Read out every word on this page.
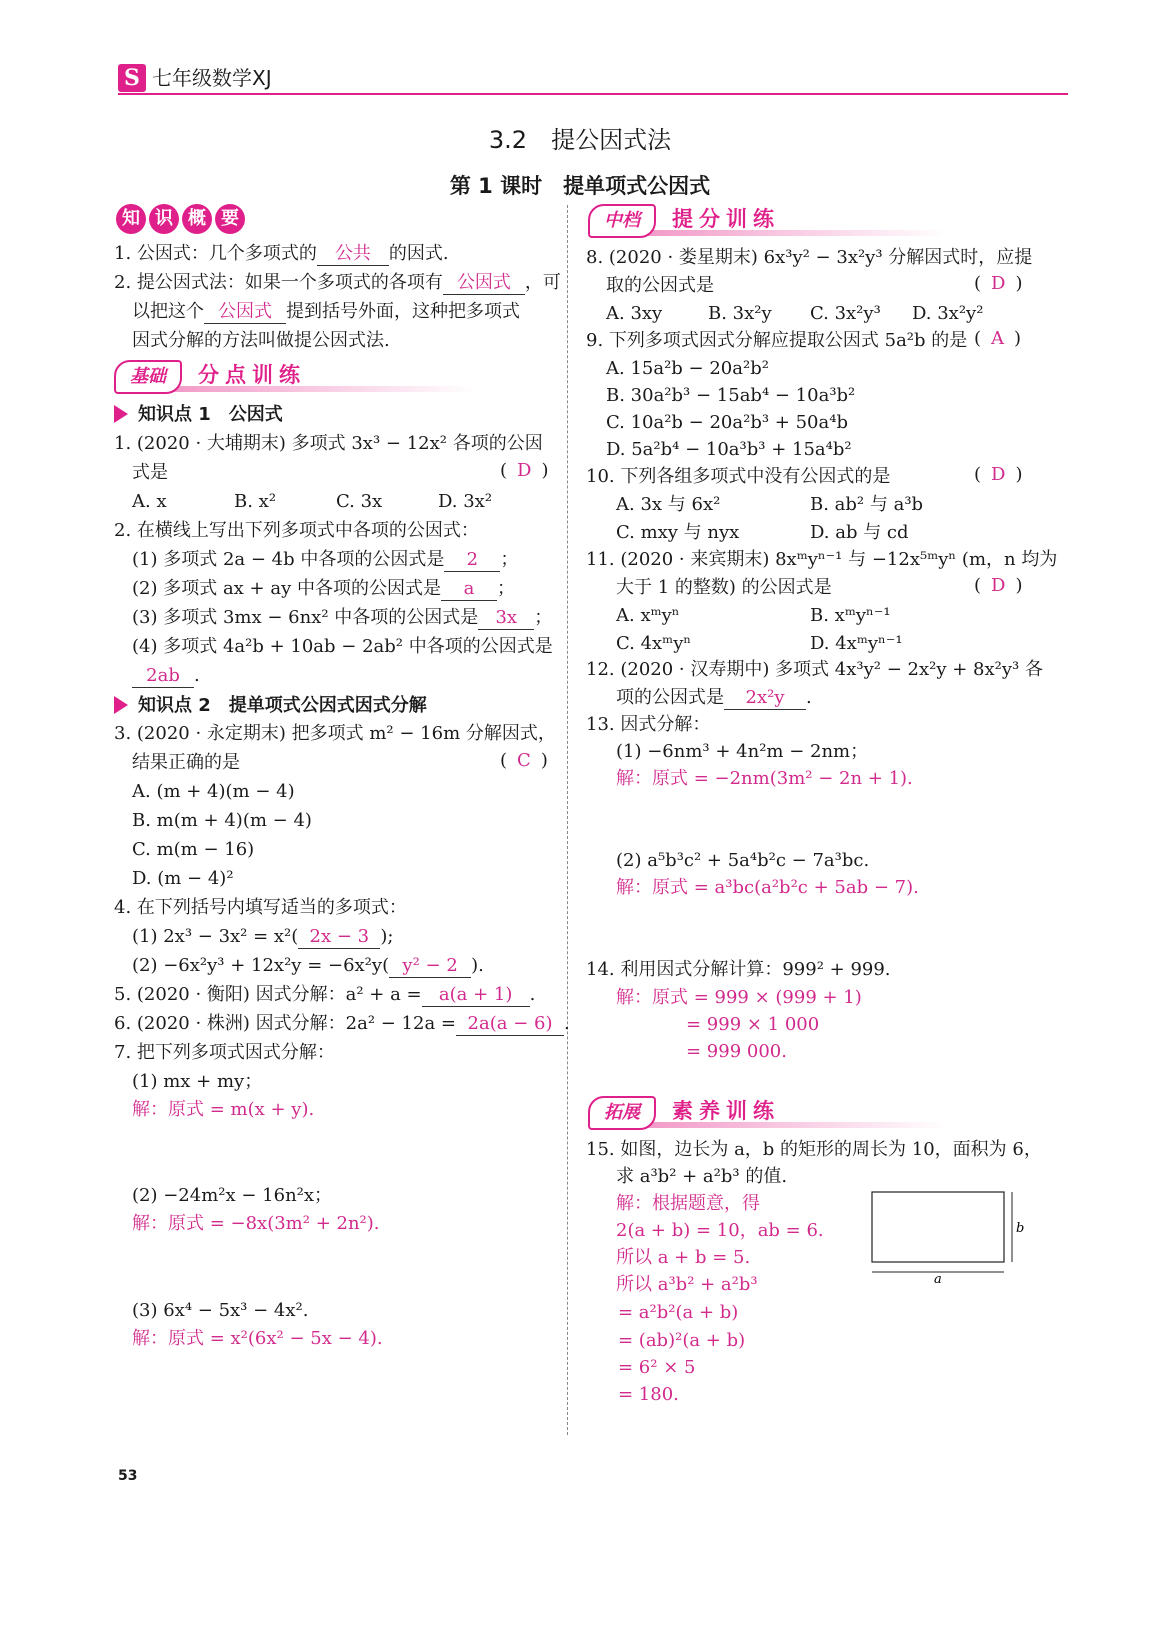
S 七年级数学XJ
3.2　提公因式法
第 1 课时　提单项式公因式
知 识 概 要
1. 公因式：几个多项式的 公共 的因式.
2. 提公因式法：如果一个多项式的各项有 公因式 ，可
以把这个 公因式 提到括号外面，这种把多项式
因式分解的方法叫做提公因式法.
基础	分点训练
知识点 1　公因式
1. (2020 · 大埔期末) 多项式 3x³ − 12x² 各项的公因
式是	( D )
A. x	B. x²	C. 3x	D. 3x²
2. 在横线上写出下列多项式中各项的公因式：
(1) 多项式 2a − 4b 中各项的公因式是 2 ；
(2) 多项式 ax + ay 中各项的公因式是 a ；
(3) 多项式 3mx − 6nx² 中各项的公因式是 3x ；
(4) 多项式 4a²b + 10ab − 2ab² 中各项的公因式是
2ab .
知识点 2　提单项式公因式因式分解
3. (2020 · 永定期末) 把多项式 m² − 16m 分解因式，
结果正确的是	( C )
A. (m + 4)(m − 4)
B. m(m + 4)(m − 4)
C. m(m − 16)
D. (m − 4)²
4. 在下列括号内填写适当的多项式：
(1) 2x³ − 3x² = x²( 2x − 3 );
(2) −6x²y³ + 12x²y = −6x²y( y² − 2 ).
5. (2020 · 衡阳) 因式分解：a² + a = a(a + 1) .
6. (2020 · 株洲) 因式分解：2a² − 12a = 2a(a − 6) .
7. 把下列多项式因式分解：
(1) mx + my；
解：原式 = m(x + y).
(2) −24m²x − 16n²x；
解：原式 = −8x(3m² + 2n²).
(3) 6x⁴ − 5x³ − 4x².
解：原式 = x²(6x² − 5x − 4).
中档	提分训练
8. (2020 · 娄星期末) 6x³y² − 3x²y³ 分解因式时，应提
取的公因式是	( D )
A. 3xy	B. 3x²y C. 3x²y³ D. 3x²y²
9. 下列多项式因式分解应提取公因式 5a²b 的是 ( A )
A. 15a²b − 20a²b²
B. 30a²b³ − 15ab⁴ − 10a³b²
C. 10a²b − 20a²b³ + 50a⁴b
D. 5a²b⁴ − 10a³b³ + 15a⁴b²
10. 下列各组多项式中没有公因式的是	( D )
A. 3x 与 6x²	B. ab² 与 a³b
C. mxy 与 nyx	D. ab 与 cd
11. (2020 · 来宾期末) 8xᵐyⁿ⁻¹ 与 −12x⁵ᵐyⁿ (m，n 均为
大于 1 的整数) 的公因式是	( D )
A. xᵐyⁿ	B. xᵐyⁿ⁻¹
C. 4xᵐyⁿ	D. 4xᵐyⁿ⁻¹
12. (2020 · 汉寿期中) 多项式 4x³y² − 2x²y + 8x²y³ 各
项的公因式是 2x²y .
13. 因式分解：
(1) −6nm³ + 4n²m − 2nm；
解：原式 = −2nm(3m² − 2n + 1).
(2) a⁵b³c² + 5a⁴b²c − 7a³bc.
解：原式 = a³bc(a²b²c + 5ab − 7).
14. 利用因式分解计算：999² + 999.
解：原式 = 999 × (999 + 1)
= 999 × 1 000
= 999 000.
拓展	素养训练
15. 如图，边长为 a，b 的矩形的周长为 10，面积为 6，
求 a³b² + a²b³ 的值.
解：根据题意，得
2(a + b) = 10，ab = 6.
所以 a + b = 5.
所以 a³b² + a²b³
= a²b²(a + b)
= (ab)²(a + b)
= 6² × 5
= 180.
b
a
53
